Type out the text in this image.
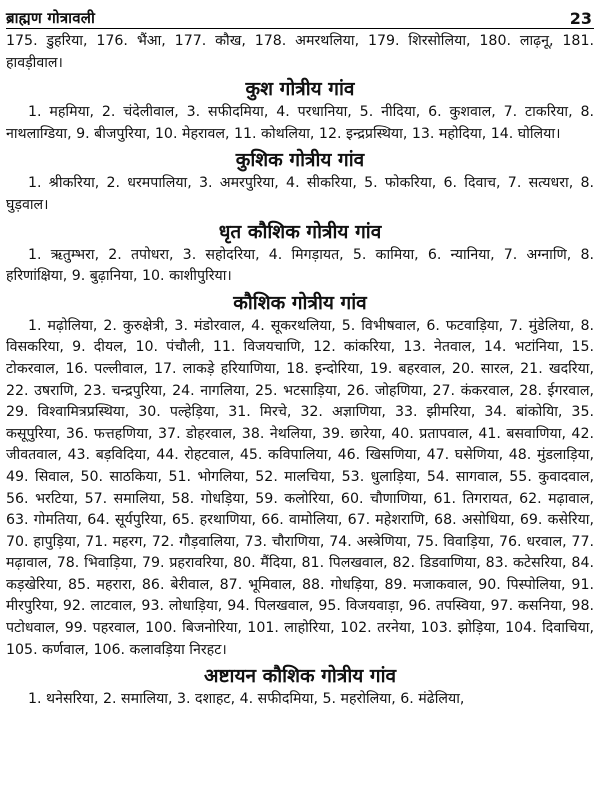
ब्राह्मण गोत्रावली	23

175. डुहरिया, 176. भैंआ, 177. कौख, 178. अमरथलिया, 179. शिरसोलिया, 180. लाढ़नू, 181. हावड़ीवाल।

कुश गोत्रीय गांव

1. महमिया, 2. चंदेलीवाल, 3. सफीदमिया, 4. परधानिया, 5. नीदिया, 6. कुशवाल, 7. टाकरिया, 8. नाथलाग्डिया, 9. बीजपुरिया, 10. मेहरावल, 11. कोथलिया, 12. इन्द्रप्रस्थिया, 13. महोदिया, 14. घोलिया।

कुशिक गोत्रीय गांव

1. श्रीकरिया, 2. धरमपालिया, 3. अमरपुरिया, 4. सीकरिया, 5. फोकरिया, 6. दिवाच, 7. सत्यधरा, 8. घुड़वाल।

धृत कौशिक गोत्रीय गांव

1. ऋतुम्भरा, 2. तपोधरा, 3. सहोदरिया, 4. मिगड़ायत, 5. कामिया, 6. न्यानिया, 7. अग्नाणि, 8. हरिणांक्षिया, 9. बुढ़ानिया, 10. काशीपुरिया।

कौशिक गोत्रीय गांव

1. मढ़ोलिया, 2. कुरुक्षेत्री, 3. मंडोरवाल, 4. सूकरथलिया, 5. विभीषवाल, 6. फटवाड़िया, 7. मुंडेलिया, 8. विसकरिया, 9. दीयल, 10. पंचौली, 11. विजयचाणि, 12. कांकरिया, 13. नेतवाल, 14. भटांनिया, 15. टोकरवाल, 16. पल्लीवाल, 17. लाकड़े हरियाणिया, 18. इन्दोरिया, 19. बहरवाल, 20. सारल, 21. खदरिया, 22. उषराणि, 23. चन्द्रपुरिया, 24. नागलिया, 25. भटसाड़िया, 26. जोहणिया, 27. कंकरवाल, 28. ईगरवाल, 29. विश्वामित्रप्रस्थिया, 30. पल्हेड़िया, 31. मिरचे, 32. अज्ञाणिया, 33. झीमरिया, 34. बांकोयिा, 35. कसूपुरिया, 36. फत्तहणिया, 37. डोहरवाल, 38. नेथलिया, 39. छारेया, 40. प्रतापवाल, 41. बसवाणिया, 42. जीवतवाल, 43. बड़विदिया, 44. रोहटवाल, 45. कविपालिया, 46. खिसणिया, 47. घसेणिया, 48. मुंडलाड़िया, 49. सिवाल, 50. साठकिया, 51. भोगलिया, 52. मालचिया, 53. धुलाड़िया, 54. सागवाल, 55. कुवादवाल, 56. भरटिया, 57. समालिया, 58. गोधड़िया, 59. कलोरिया, 60. चौणाणिया, 61. तिगरायत, 62. मढ़ावाल, 63. गोमतिया, 64. सूर्यपुरिया, 65. हरथाणिया, 66. वामोलिया, 67. महेशराणि, 68. असोधिया, 69. कसेरिया, 70. हापुड़िया, 71. महरग, 72. गौड़वालिया, 73. चौराणिया, 74. अस्त्रेणिया, 75. विवाड़िया, 76. धरवाल, 77. मढ़ावाल, 78. भिवाड़िया, 79. प्रहरावरिया, 80. मैंदिया, 81. पिलखवाल, 82. डिडवाणिया, 83. कटेसरिया, 84. कड़खेरिया, 85. महरारा, 86. बेरीवाल, 87. भूमिवाल, 88. गोधड़िया, 89. मजाकवाल, 90. पिस्पोलिया, 91. मीरपुरिया, 92. लाटवाल, 93. लोधाड़िया, 94. पिलखवाल, 95. विजयवाड़ा, 96. तपस्विया, 97. कसनिया, 98. पटोधवाल, 99. पहरवाल, 100. बिजनोरिया, 101. लाहोरिया, 102. तरनेया, 103. झोड़िया, 104. दिवाचिया, 105. कर्णवाल, 106. कलावड़िया निरहट।

अष्टायन कौशिक गोत्रीय गांव

1. थनेसरिया, 2. समालिया, 3. दशाहट, 4. सफीदमिया, 5. महरोलिया, 6. मंढेलिया,
